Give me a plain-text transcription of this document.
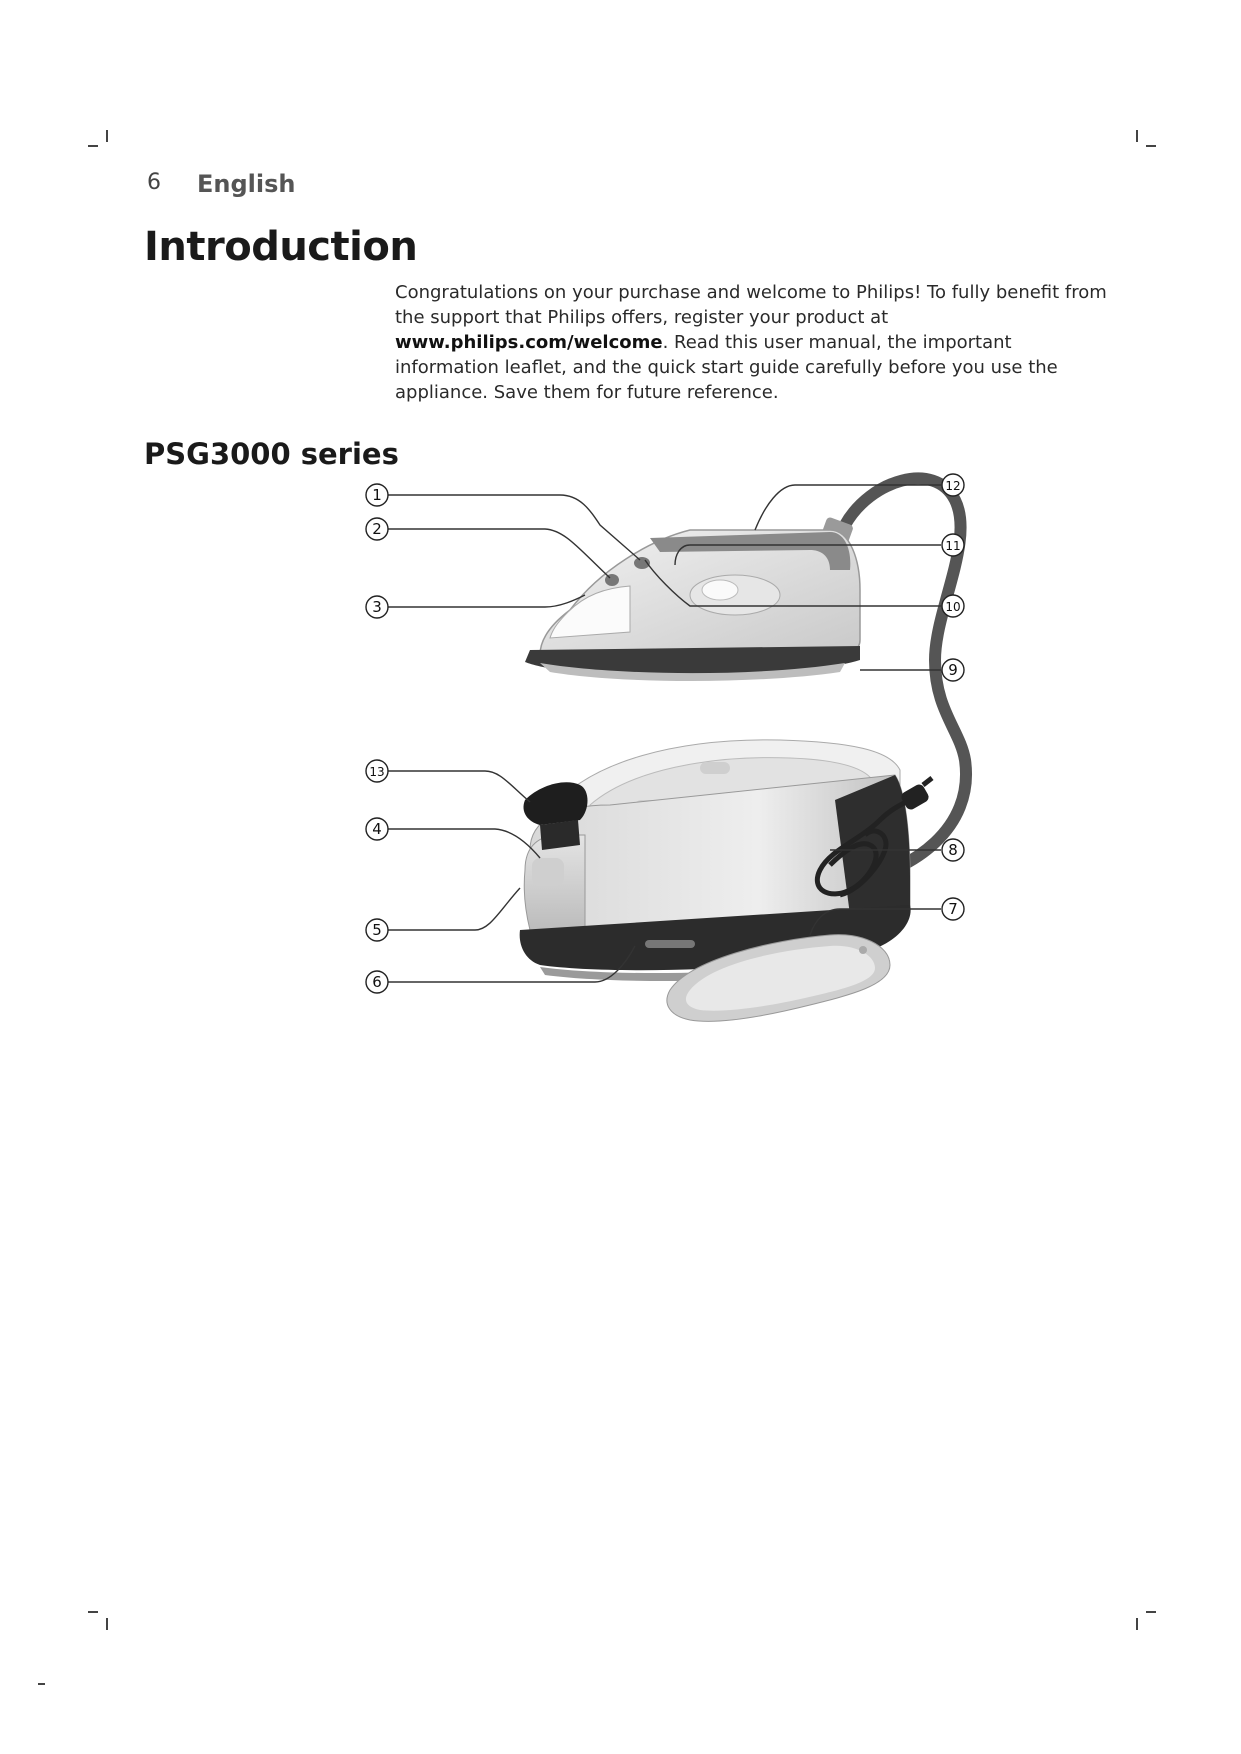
6 English
Introduction
Congratulations on your purchase and welcome to Philips! To fully benefit from the support that Philips offers, register your product at www.philips.com/welcome. Read this user manual, the important information leaflet, and the quick start guide carefully before you use the appliance. Save them for future reference.
PSG3000 series
1
2
3
13
4
5
6
12
11
10
9
8
7
